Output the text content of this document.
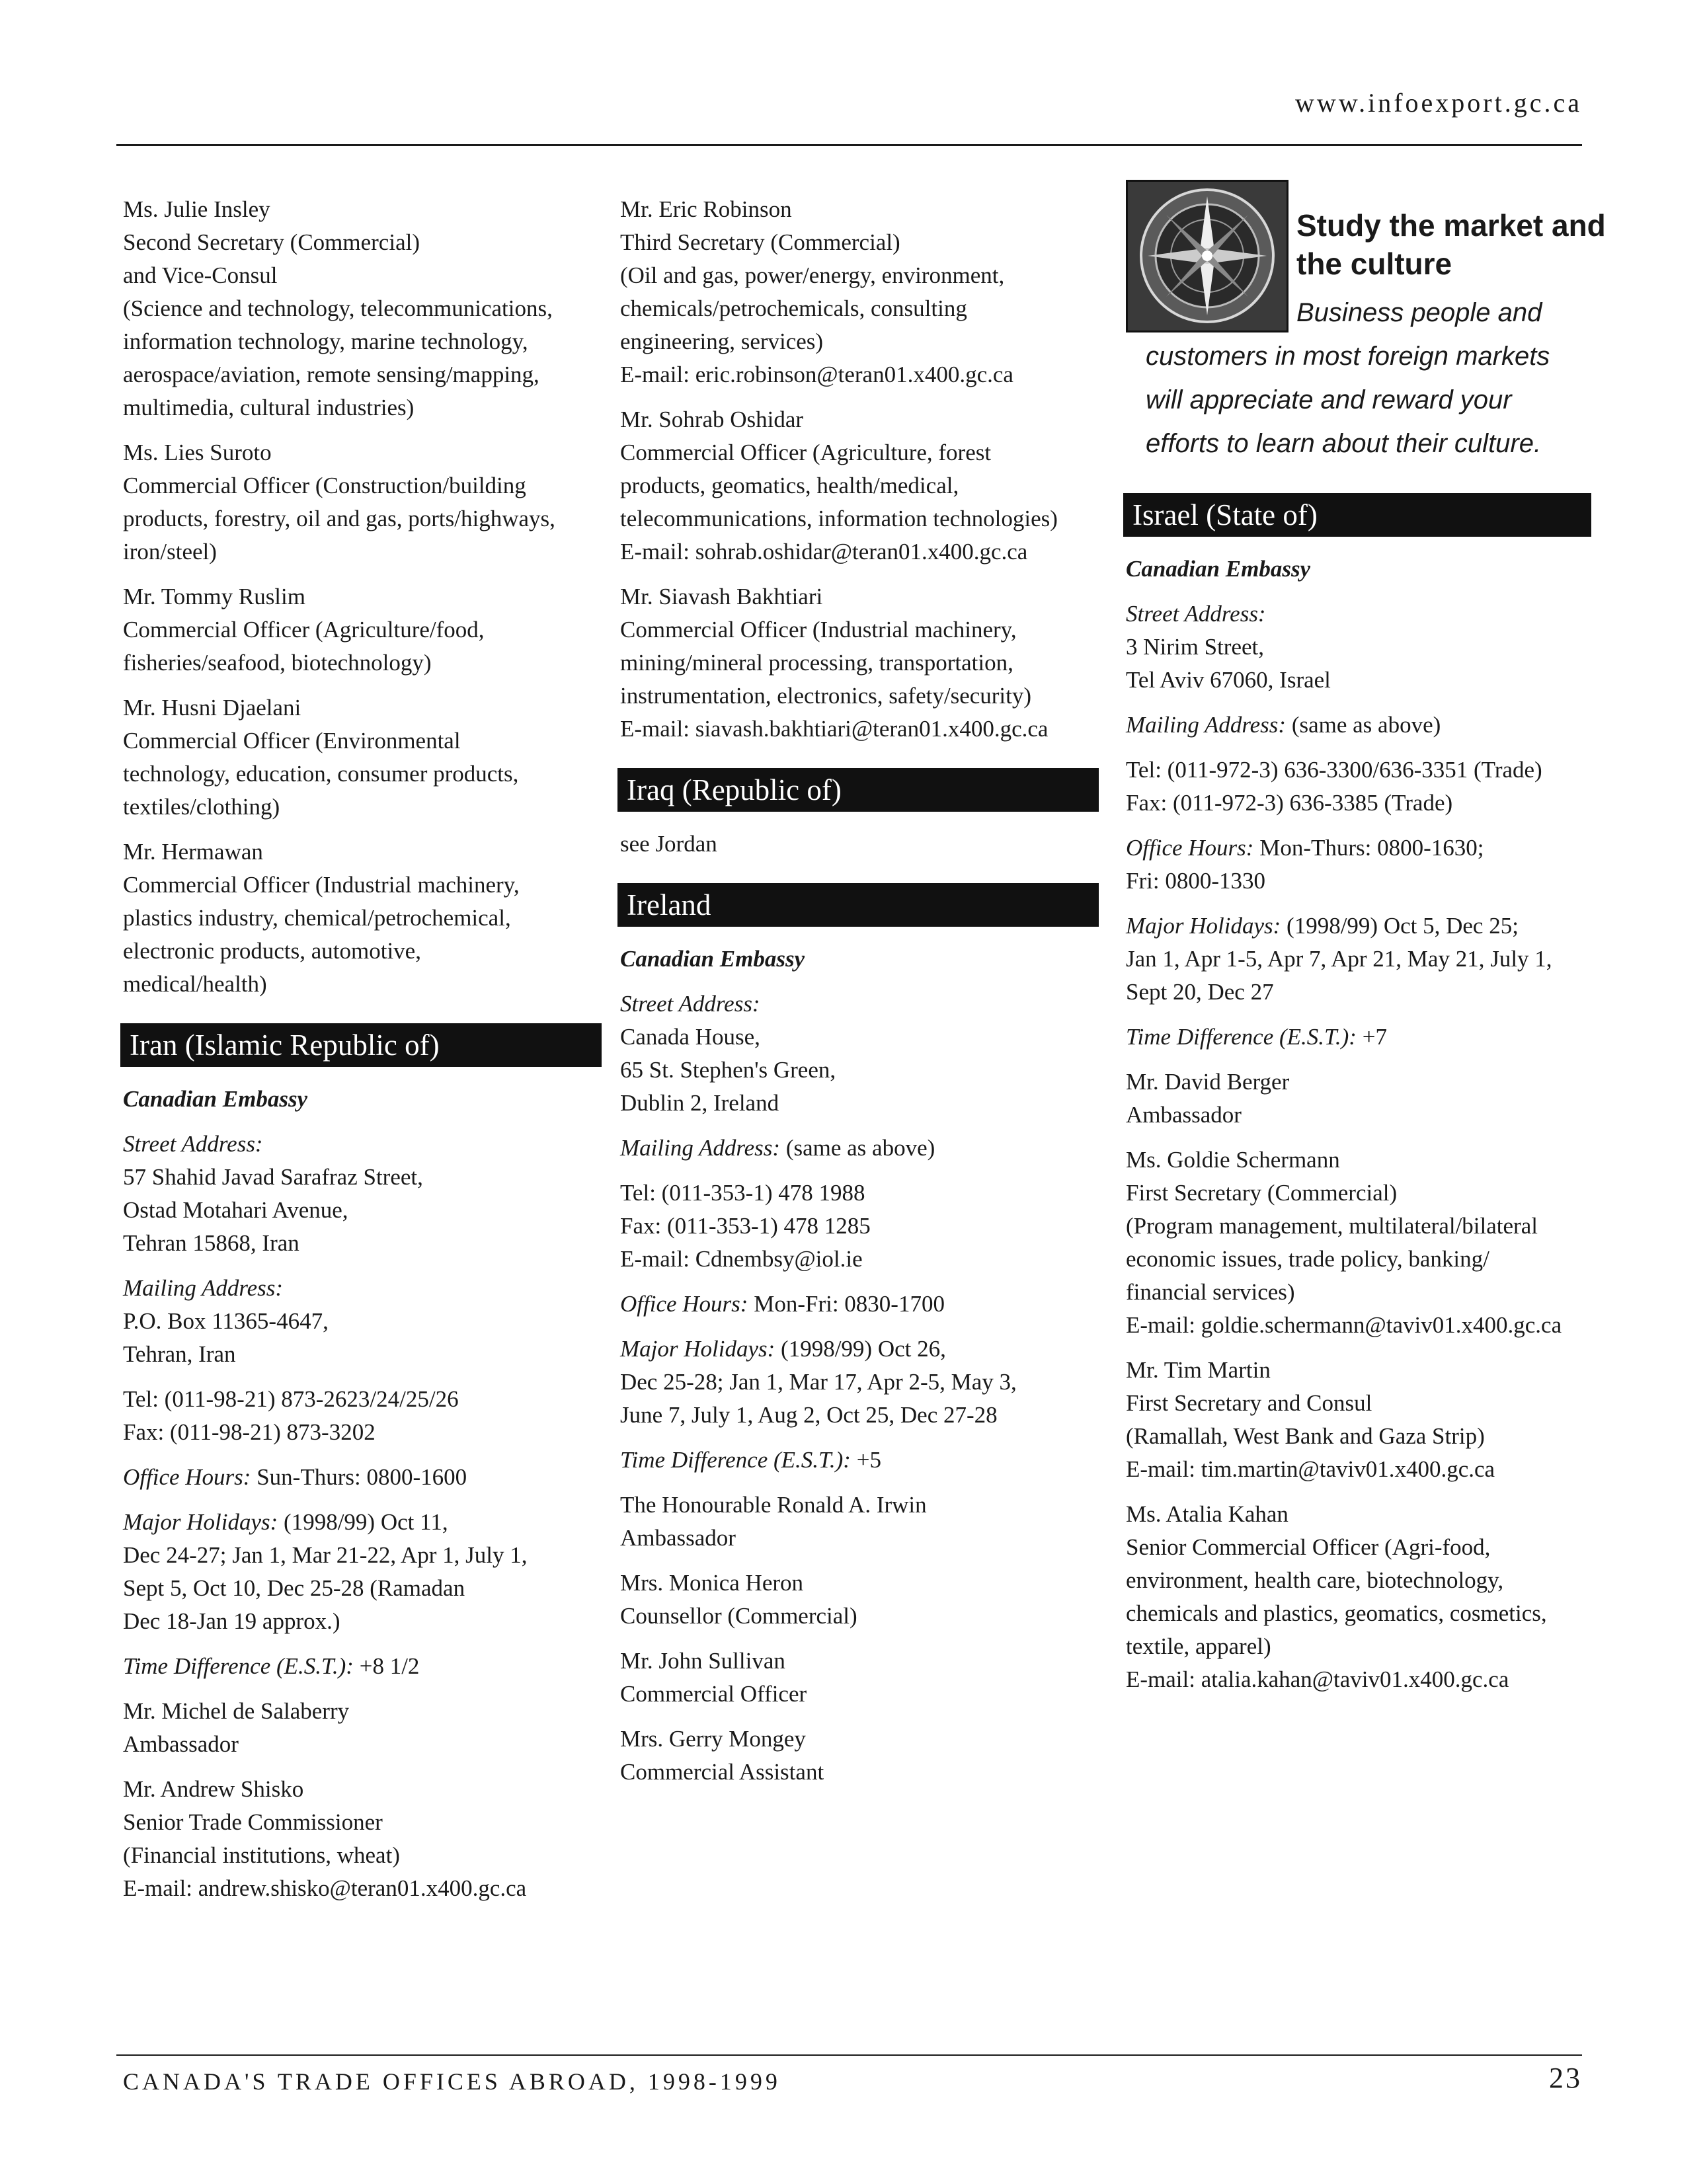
www.infoexport.gc.ca
Ms. Julie Insley
Second Secretary (Commercial)
and Vice-Consul
(Science and technology, telecommunications,
information technology, marine technology,
aerospace/aviation, remote sensing/mapping,
multimedia, cultural industries)
Ms. Lies Suroto
Commercial Officer (Construction/building
products, forestry, oil and gas, ports/highways,
iron/steel)
Mr. Tommy Ruslim
Commercial Officer (Agriculture/food,
fisheries/seafood, biotechnology)
Mr. Husni Djaelani
Commercial Officer (Environmental
technology, education, consumer products,
textiles/clothing)
Mr. Hermawan
Commercial Officer (Industrial machinery,
plastics industry, chemical/petrochemical,
electronic products, automotive,
medical/health)
Iran (Islamic Republic of)
Canadian Embassy
Street Address:
57 Shahid Javad Sarafraz Street,
Ostad Motahari Avenue,
Tehran 15868, Iran
Mailing Address:
P.O. Box 11365-4647,
Tehran, Iran
Tel: (011-98-21) 873-2623/24/25/26
Fax: (011-98-21) 873-3202
Office Hours: Sun-Thurs: 0800-1600
Major Holidays: (1998/99) Oct 11,
Dec 24-27; Jan 1, Mar 21-22, Apr 1, July 1,
Sept 5, Oct 10, Dec 25-28 (Ramadan
Dec 18-Jan 19 approx.)
Time Difference (E.S.T.): +8 1/2
Mr. Michel de Salaberry
Ambassador
Mr. Andrew Shisko
Senior Trade Commissioner
(Financial institutions, wheat)
E-mail: andrew.shisko@teran01.x400.gc.ca
Mr. Eric Robinson
Third Secretary (Commercial)
(Oil and gas, power/energy, environment,
chemicals/petrochemicals, consulting
engineering, services)
E-mail: eric.robinson@teran01.x400.gc.ca
Mr. Sohrab Oshidar
Commercial Officer (Agriculture, forest
products, geomatics, health/medical,
telecommunications, information technologies)
E-mail: sohrab.oshidar@teran01.x400.gc.ca
Mr. Siavash Bakhtiari
Commercial Officer (Industrial machinery,
mining/mineral processing, transportation,
instrumentation, electronics, safety/security)
E-mail: siavash.bakhtiari@teran01.x400.gc.ca
Iraq (Republic of)
see Jordan
Ireland
Canadian Embassy
Street Address:
Canada House,
65 St. Stephen's Green,
Dublin 2, Ireland
Mailing Address: (same as above)
Tel: (011-353-1) 478 1988
Fax: (011-353-1) 478 1285
E-mail: Cdnembsy@iol.ie
Office Hours: Mon-Fri: 0830-1700
Major Holidays: (1998/99) Oct 26,
Dec 25-28; Jan 1, Mar 17, Apr 2-5, May 3,
June 7, July 1, Aug 2, Oct 25, Dec 27-28
Time Difference (E.S.T.): +5
The Honourable Ronald A. Irwin
Ambassador
Mrs. Monica Heron
Counsellor (Commercial)
Mr. John Sullivan
Commercial Officer
Mrs. Gerry Mongey
Commercial Assistant
Study the market and
the culture
Business people and
customers in most foreign markets
will appreciate and reward your
efforts to learn about their culture.
Israel (State of)
Canadian Embassy
Street Address:
3 Nirim Street,
Tel Aviv 67060, Israel
Mailing Address: (same as above)
Tel: (011-972-3) 636-3300/636-3351 (Trade)
Fax: (011-972-3) 636-3385 (Trade)
Office Hours: Mon-Thurs: 0800-1630;
Fri: 0800-1330
Major Holidays: (1998/99) Oct 5, Dec 25;
Jan 1, Apr 1-5, Apr 7, Apr 21, May 21, July 1,
Sept 20, Dec 27
Time Difference (E.S.T.): +7
Mr. David Berger
Ambassador
Ms. Goldie Schermann
First Secretary (Commercial)
(Program management, multilateral/bilateral
economic issues, trade policy, banking/
financial services)
E-mail: goldie.schermann@taviv01.x400.gc.ca
Mr. Tim Martin
First Secretary and Consul
(Ramallah, West Bank and Gaza Strip)
E-mail: tim.martin@taviv01.x400.gc.ca
Ms. Atalia Kahan
Senior Commercial Officer (Agri-food,
environment, health care, biotechnology,
chemicals and plastics, geomatics, cosmetics,
textile, apparel)
E-mail: atalia.kahan@taviv01.x400.gc.ca
CANADA'S TRADE OFFICES ABROAD, 1998-1999	23
